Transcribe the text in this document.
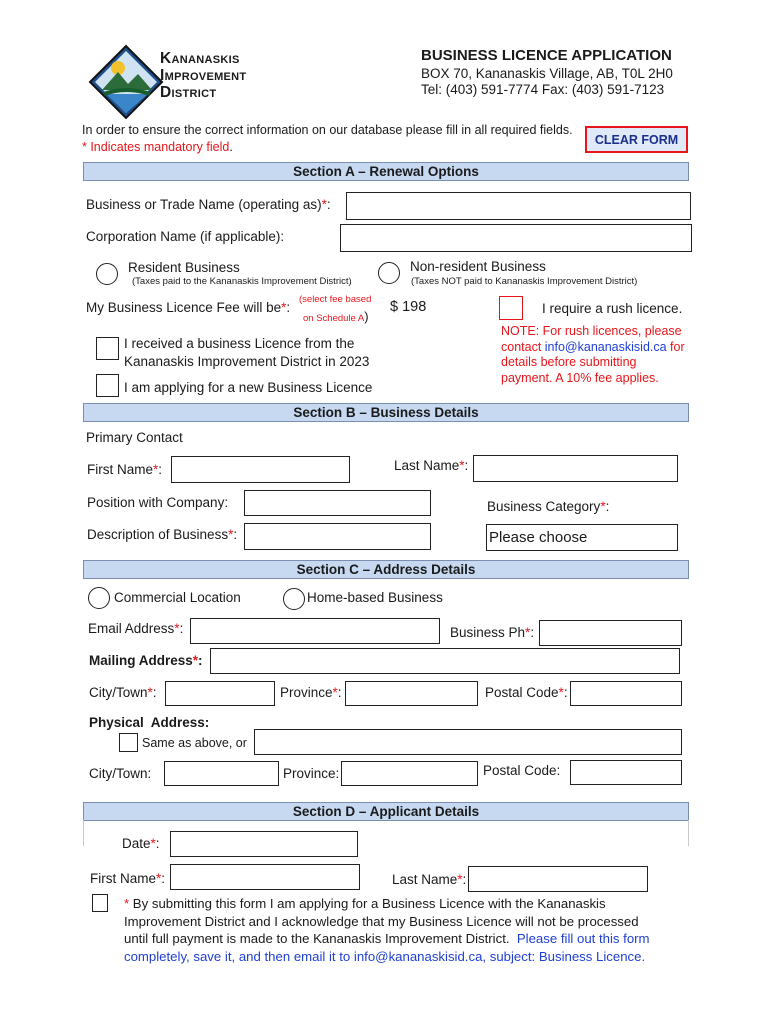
Kananaskis
Improvement
District
BUSINESS LICENCE APPLICATION
BOX 70, Kananaskis Village, AB, T0L 2H0
Tel: (403) 591-7774 Fax: (403) 591-7123
In order to ensure the correct information on our database please fill in all required fields.
* Indicates mandatory field.	CLEAR FORM
Section A – Renewal Options
Business or Trade Name (operating as)*:
Corporation Name (if applicable):
Resident Business
(Taxes paid to the Kananaskis Improvement District)
Non-resident Business
(Taxes NOT paid to Kananaskis Improvement District)
My Business Licence Fee will be*:
(select fee based
on Schedule A)
$ 198	I require a rush licence.
NOTE: For rush licences, please
contact info@kananaskisid.ca for
details before submitting
payment. A 10% fee applies.
I received a business Licence from the
Kananaskis Improvement District in 2023
I am applying for a new Business Licence
Section B – Business Details
Primary Contact
First Name*:	Last Name*:
Position with Company:	Business Category*:
Description of Business*:	Please choose
Section C – Address Details
Commercial Location	Home-based Business
Email Address*:	Business Ph*:
Mailing Address*:
City/Town*:	Province*:	Postal Code*:
Physical  Address:
Same as above, or
City/Town:	Province:	Postal Code:
Section D – Applicant Details
Date*:
First Name*:	Last Name*:
* By submitting this form I am applying for a Business Licence with the Kananaskis
Improvement District and I acknowledge that my Business Licence will not be processed
until full payment is made to the Kananaskis Improvement District. Please fill out this form
completely, save it, and then email it to info@kananaskisid.ca, subject: Business Licence.
